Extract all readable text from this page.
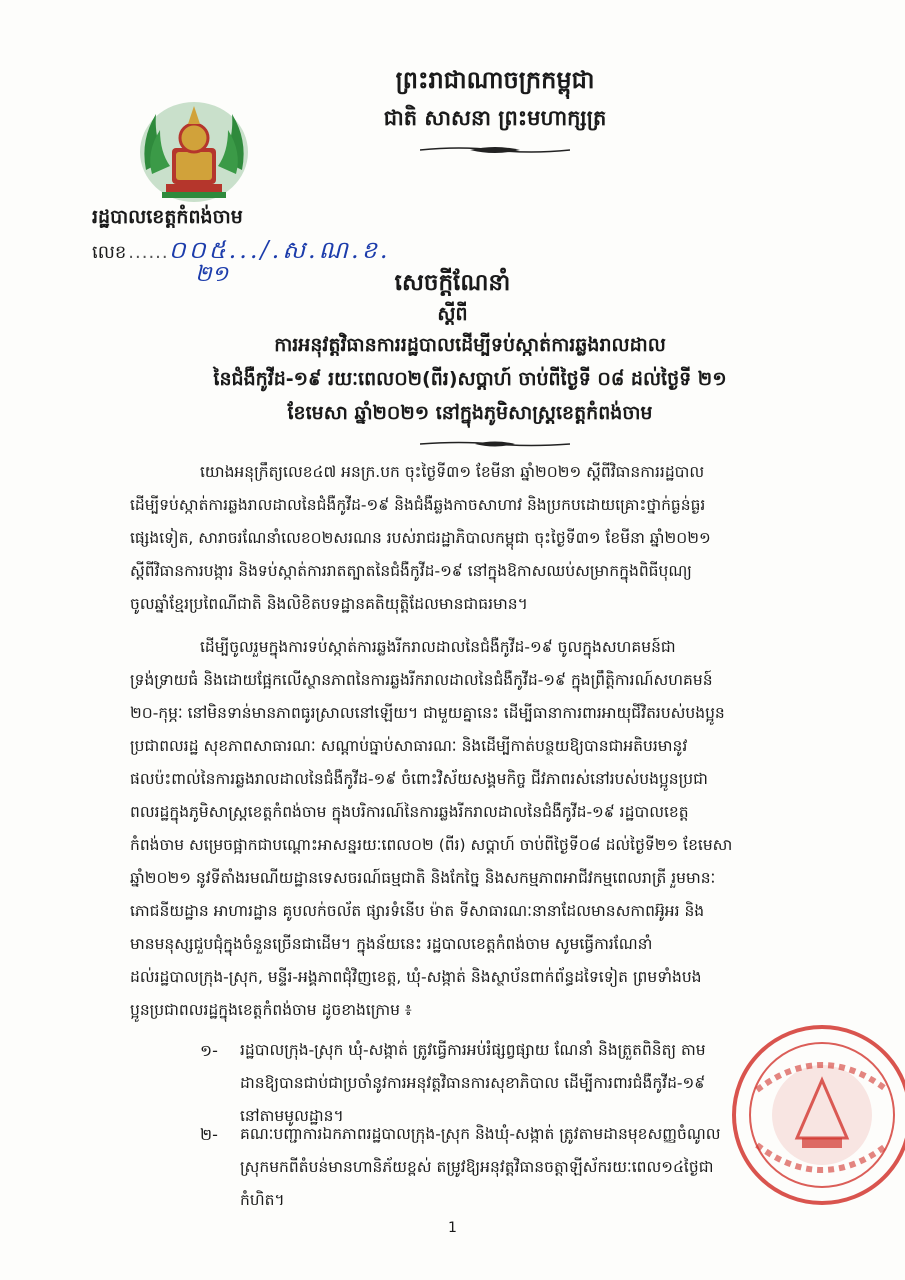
ព្រះរាជាណាចក្រកម្ពុជា
ជាតិ សាសនា ព្រះមហាក្សត្រ
រដ្ឋបាលខេត្តកំពង់ចាម
លេខ ......០០៥.../.ស.ណ.ខ.
២១	សេចក្តីណែនាំ
ស្តីពី
ការអនុវត្តវិធានការរដ្ឋបាលដើម្បីទប់ស្កាត់ការឆ្លងរាលដាល
នៃជំងឺកូវីដ-១៩ រយៈពេល០២(ពីរ)សប្តាហ៍ ចាប់ពីថ្ងៃទី ០៨ ដល់ថ្ងៃទី ២១
ខែមេសា ឆ្នាំ២០២១ នៅក្នុងភូមិសាស្ត្រខេត្តកំពង់ចាម
យោងអនុក្រឹត្យលេខ៤៧ អនក្រ.បក ចុះថ្ងៃទី៣១ ខែមីនា ឆ្នាំ២០២១ ស្តីពីវិធានការរដ្ឋបាល
ដើម្បីទប់ស្កាត់ការឆ្លងរាលដាលនៃជំងឺកូវីដ-១៩ និងជំងឺឆ្លងកាចសាហាវ និងប្រកបដោយគ្រោះថ្នាក់ធ្ងន់ធ្ងរ
ផ្សេងទៀត, សារាចរណែនាំលេខ០២សរណន របស់រាជរដ្ឋាភិបាលកម្ពុជា ចុះថ្ងៃទី៣១ ខែមីនា ឆ្នាំ២០២១
ស្តីពីវិធានការបង្ការ និងទប់ស្កាត់ការរាតត្បាតនៃជំងឺកូវីដ-១៩ នៅក្នុងឱកាសឈប់សម្រាកក្នុងពិធីបុណ្យ
ចូលឆ្នាំខ្មែរប្រពៃណីជាតិ និងលិខិតបទដ្ឋានគតិយុត្តិដែលមានជាធរមាន។
ដើម្បីចូលរួមក្នុងការទប់ស្កាត់ការឆ្លងរីករាលដាលនៃជំងឺកូវីដ-១៩ ចូលក្នុងសហគមន៍ជា
ទ្រង់ទ្រាយធំ និងដោយផ្អែកលើស្ថានភាពនៃការឆ្លងរីករាលដាលនៃជំងឺកូវីដ-១៩ ក្នុងព្រឹត្តិការណ៍សហគមន៍
២០-កុម្ភៈ នៅមិនទាន់មានភាពធូរស្រាលនៅឡើយ។ ជាមួយគ្នានេះ ដើម្បីធានាការពារអាយុជីវិតរបស់បងប្អូន
ប្រជាពលរដ្ឋ សុខភាពសាធារណៈ សណ្តាប់ធ្នាប់សាធារណៈ និងដើម្បីកាត់បន្ថយឱ្យបានជាអតិបរមានូវ
ផលប៉ះពាល់នៃការឆ្លងរាលដាលនៃជំងឺកូវីដ-១៩ ចំពោះវិស័យសង្គមកិច្ច ជីវភាពរស់នៅរបស់បងប្អូនប្រជា
ពលរដ្ឋក្នុងភូមិសាស្ត្រខេត្តកំពង់ចាម ក្នុងបរិការណ៍នៃការឆ្លងរីករាលដាលនៃជំងឺកូវីដ-១៩ រដ្ឋបាលខេត្ត
កំពង់ចាម សម្រេចផ្អាកជាបណ្តោះអាសន្នរយៈពេល០២ (ពីរ) សប្តាហ៍ ចាប់ពីថ្ងៃទី០៨ ដល់ថ្ងៃទី២១ ខែមេសា
ឆ្នាំ២០២១ នូវទីតាំងរមណីយដ្ឋានទេសចរណ៍ធម្មជាតិ និងកែច្នៃ និងសកម្មភាពអាជីវកម្មពេលរាត្រី រួមមានៈ
ភោជនីយដ្ឋាន អាហារដ្ឋាន គូបលក់ចល័ត ផ្សារទំនើប ម៉ាត ទីសាធារណៈនានាដែលមានសកាពអ៊ូអរ និង
មានមនុស្សជួបជុំក្នុងចំនួនច្រើនជាដើម។ ក្នុងន័យនេះ រដ្ឋបាលខេត្តកំពង់ចាម សូមធ្វើការណែនាំ
ដល់រដ្ឋបាលក្រុង-ស្រុក, មន្ទីរ-អង្គភាពជុំវិញខេត្ត, ឃុំ-សង្កាត់ និងស្ថាប័នពាក់ព័ន្ធដទៃទៀត ព្រមទាំងបង
ប្អូនប្រជាពលរដ្ឋក្នុងខេត្តកំពង់ចាម ដូចខាងក្រោម ៖
១- រដ្ឋបាលក្រុង-ស្រុក ឃុំ-សង្កាត់ ត្រូវធ្វើការអប់រំផ្សព្វផ្សាយ ណែនាំ និងត្រួតពិនិត្យ តាម
ដានឱ្យបានជាប់ជាប្រចាំនូវការអនុវត្តវិធានការសុខាភិបាល ដើម្បីការពារជំងឺកូវីដ-១៩
នៅតាមមូលដ្ឋាន។
២- គណៈបញ្ជាការឯកភាពរដ្ឋបាលក្រុង-ស្រុក និងឃុំ-សង្កាត់ ត្រូវតាមដានមុខសញ្ញចំណូល
ស្រុកមកពីតំបន់មានហានិភ័យខ្ពស់ តម្រូវឱ្យអនុវត្តវិធានចត្តាឡីស័ករយៈពេល១៤ថ្ងៃជា
កំហិត។
1
